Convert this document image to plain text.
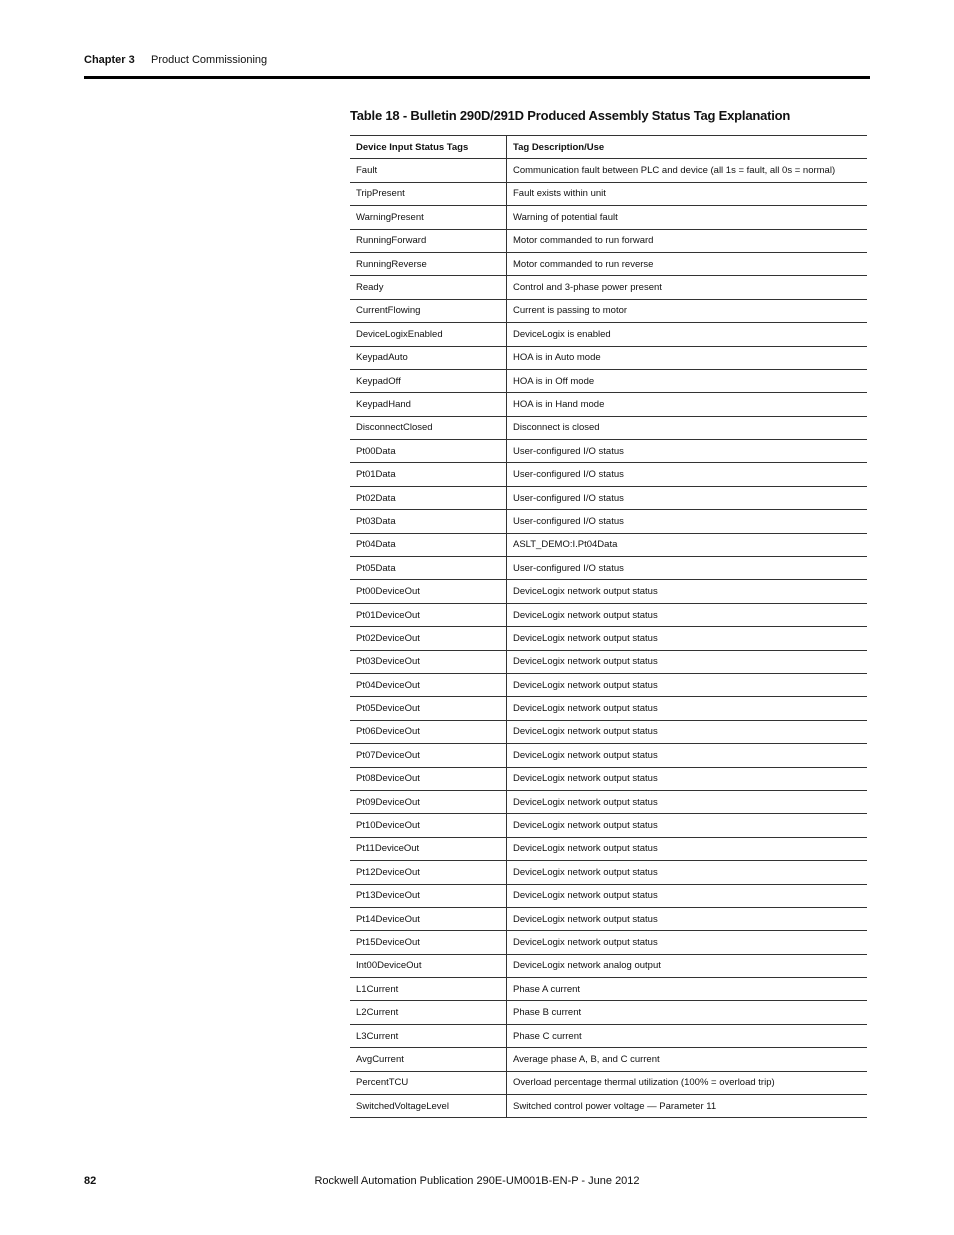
Chapter 3 Product Commissioning
Table 18 - Bulletin 290D/291D Produced Assembly Status Tag Explanation
Device Input Status Tags	Tag Description/Use
Fault	Communication fault between PLC and device (all 1s = fault, all 0s = normal)
TripPresent	Fault exists within unit
WarningPresent	Warning of potential fault
RunningForward	Motor commanded to run forward
RunningReverse	Motor commanded to run reverse
Ready	Control and 3-phase power present
CurrentFlowing	Current is passing to motor
DeviceLogixEnabled	DeviceLogix is enabled
KeypadAuto	HOA is in Auto mode
KeypadOff	HOA is in Off mode
KeypadHand	HOA is in Hand mode
DisconnectClosed	Disconnect is closed
Pt00Data	User-configured I/O status
Pt01Data	User-configured I/O status
Pt02Data	User-configured I/O status
Pt03Data	User-configured I/O status
Pt04Data	ASLT_DEMO:I.Pt04Data
Pt05Data	User-configured I/O status
Pt00DeviceOut	DeviceLogix network output status
Pt01DeviceOut	DeviceLogix network output status
Pt02DeviceOut	DeviceLogix network output status
Pt03DeviceOut	DeviceLogix network output status
Pt04DeviceOut	DeviceLogix network output status
Pt05DeviceOut	DeviceLogix network output status
Pt06DeviceOut	DeviceLogix network output status
Pt07DeviceOut	DeviceLogix network output status
Pt08DeviceOut	DeviceLogix network output status
Pt09DeviceOut	DeviceLogix network output status
Pt10DeviceOut	DeviceLogix network output status
Pt11DeviceOut	DeviceLogix network output status
Pt12DeviceOut	DeviceLogix network output status
Pt13DeviceOut	DeviceLogix network output status
Pt14DeviceOut	DeviceLogix network output status
Pt15DeviceOut	DeviceLogix network output status
Int00DeviceOut	DeviceLogix network analog output
L1Current	Phase A current
L2Current	Phase B current
L3Current	Phase C current
AvgCurrent	Average phase A, B, and C current
PercentTCU	Overload percentage thermal utilization (100% = overload trip)
SwitchedVoltageLevel	Switched control power voltage — Parameter 11
82	Rockwell Automation Publication 290E-UM001B-EN-P - June 2012
